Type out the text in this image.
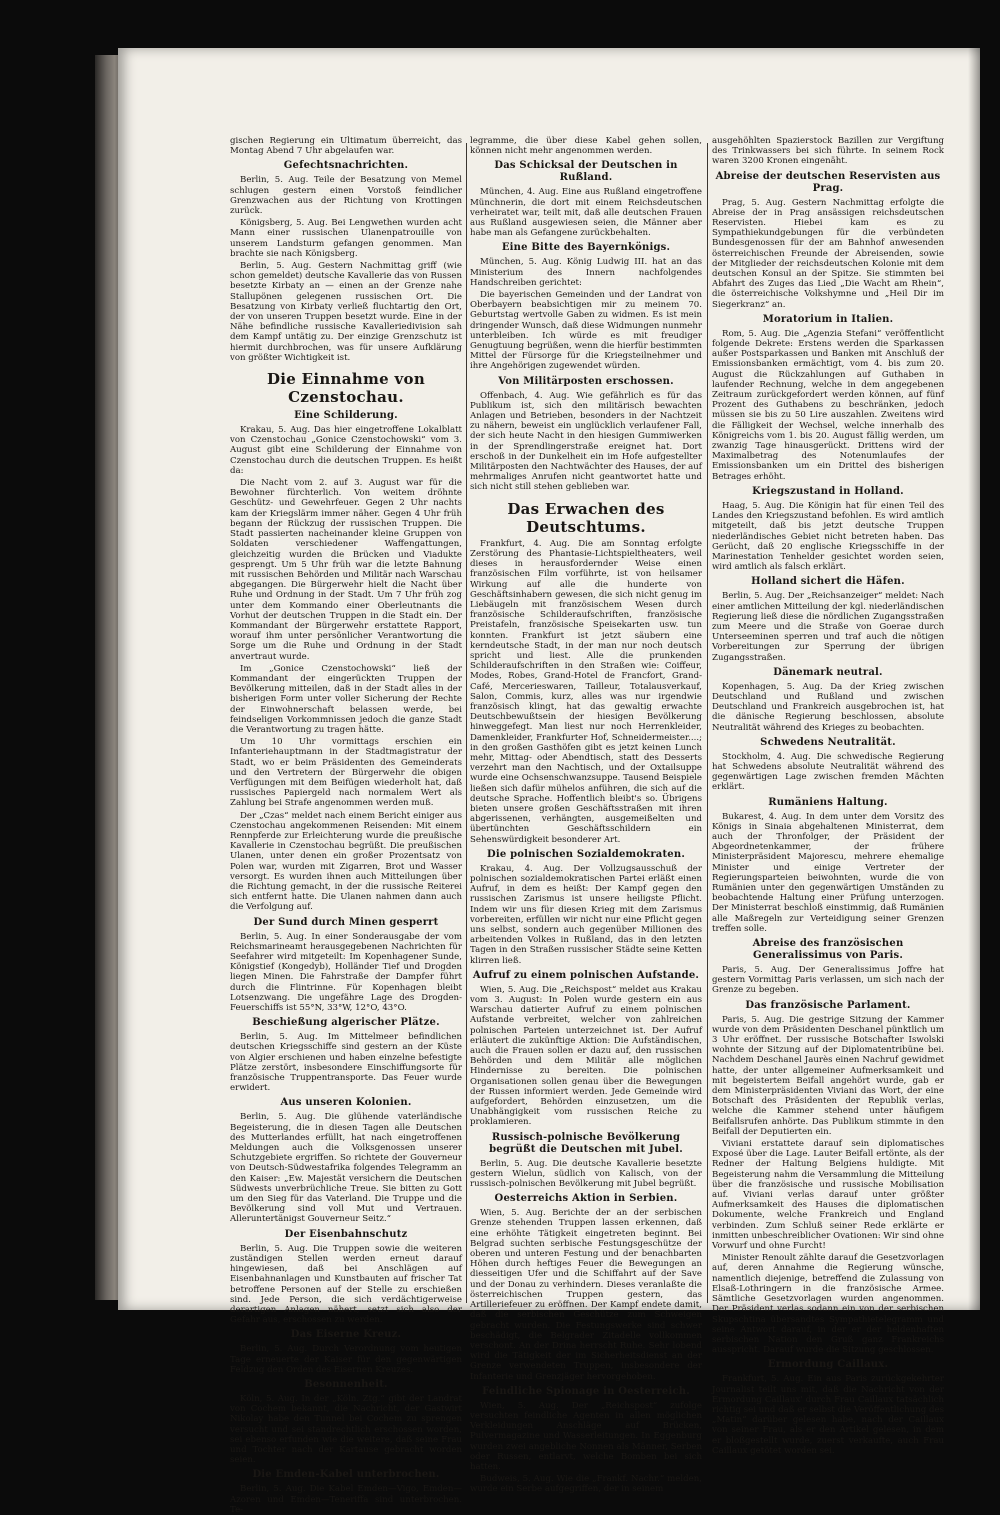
gischen Regierung ein Ultimatum überreicht, das Montag Abend 7 Uhr abgelaufen war.

Gefechtsnachrichten.

Berlin, 5. Aug. Teile der Besatzung von Memel schlugen gestern einen Vorstoß feindlicher Grenzwachen aus der Richtung von Krottingen zurück.

Königsberg, 5. Aug. Bei Lengwethen wurden acht Mann einer russischen Ulanenpatrouille von unserem Landsturm gefangen genommen. Man brachte sie nach Königsberg.

Berlin, 5. Aug. Gestern Nachmittag griff (wie schon gemeldet) deutsche Kavallerie das von Russen besetzte Kirbaty an — einen an der Grenze nahe Stallupönen gelegenen russischen Ort. Die Besatzung von Kirbaty verließ fluchtartig den Ort, der von unseren Truppen besetzt wurde. Eine in der Nähe befindliche russische Kavalleriedivision sah dem Kampf untätig zu. Der einzige Grenzschutz ist hiermit durchbrochen, was für unsere Aufklärung von größter Wichtigkeit ist.

Die Einnahme von Czenstochau.
Eine Schilderung.

Krakau, 5. Aug. Das hier eingetroffene Lokalblatt von Czenstochau „Gonice Czenstochowski“ vom 3. August gibt eine Schilderung der Einnahme von Czenstochau durch die deutschen Truppen. Es heißt da:

Die Nacht vom 2. auf 3. August war für die Bewohner fürchterlich. Von weitem dröhnte Geschütz- und Gewehrfeuer. Gegen 2 Uhr nachts kam der Kriegslärm immer näher. Gegen 4 Uhr früh begann der Rückzug der russischen Truppen. Die Stadt passierten nacheinander kleine Gruppen von Soldaten verschiedener Waffengattungen, gleichzeitig wurden die Brücken und Viadukte gesprengt. Um 5 Uhr früh war die letzte Bahnung mit russischen Behörden und Militär nach Warschau abgegangen. Die Bürgerwehr hielt die Nacht über Ruhe und Ordnung in der Stadt. Um 7 Uhr früh zog unter dem Kommando einer Oberleutnants die Vorhut der deutschen Truppen in die Stadt ein. Der Kommandant der Bürgerwehr erstattete Rapport, worauf ihm unter persönlicher Verantwortung die Sorge um die Ruhe und Ordnung in der Stadt anvertraut wurde.

Im „Gonice Czenstochowski“ ließ der Kommandant der eingerückten Truppen der Bevölkerung mitteilen, daß in der Stadt alles in der bisherigen Form unter voller Sicherung der Rechte der Einwohnerschaft belassen werde, bei feindseligen Vorkommnissen jedoch die ganze Stadt die Verantwortung zu tragen hätte.

Um 10 Uhr vormittags erschien ein Infanteriehauptmann in der Stadtmagistratur der Stadt, wo er beim Präsidenten des Gemeinderats und den Vertretern der Bürgerwehr die obigen Verfügungen mit dem Beifügen wiederholt hat, daß russisches Papiergeld nach normalem Wert als Zahlung bei Strafe angenommen werden muß.

Der „Czas“ meldet nach einem Bericht einiger aus Czenstochau angekommenen Reisenden: Mit einem Rennpferde zur Erleichterung wurde die preußische Kavallerie in Czenstochau begrüßt. Die preußischen Ulanen, unter denen ein großer Prozentsatz von Polen war, wurden mit Zigarren, Brot und Wasser versorgt. Es wurden ihnen auch Mitteilungen über die Richtung gemacht, in der die russische Reiterei sich entfernt hatte. Die Ulanen nahmen dann auch die Verfolgung auf.

Der Sund durch Minen gesperrt

Berlin, 5. Aug. In einer Sonderausgabe der vom Reichsmarineamt herausgegebenen Nachrichten für Seefahrer wird mitgeteilt: Im Kopenhagener Sunde, Königstief (Kongedyb), Holländer Tief und Drogden liegen Minen. Die Fahrstraße der Dampfer führt durch die Flintrinne. Für Kopenhagen bleibt Lotsenzwang. Die ungefähre Lage des Drogden-Feuerschiffs ist 55°N, 33°W, 12°O, 43°O.

Beschießung algerischer Plätze.

Berlin, 5. Aug. Im Mittelmeer befindlichen deutschen Kriegsschiffe sind gestern an der Küste von Algier erschienen und haben einzelne befestigte Plätze zerstört, insbesondere Einschiffungsorte für französische Truppentransporte. Das Feuer wurde erwidert.

Aus unseren Kolonien.

Berlin, 5. Aug. Die glühende vaterländische Begeisterung, die in diesen Tagen alle Deutschen des Mutterlandes erfüllt, hat nach eingetroffenen Meldungen auch die Volksgenossen unserer Schutzgebiete ergriffen. So richtete der Gouverneur von Deutsch-Südwestafrika folgendes Telegramm an den Kaiser: „Ew. Majestät versichern die Deutschen Südwests unverbrüchliche Treue. Sie bitten zu Gott um den Sieg für das Vaterland. Die Truppe und die Bevölkerung sind voll Mut und Vertrauen. Alleruntertänigst Gouverneur Seitz.“

Der Eisenbahnschutz

Berlin, 5. Aug. Die Truppen sowie die weiteren zuständigen Stellen werden erneut darauf hingewiesen, daß bei Anschlägen auf Eisenbahnanlagen und Kunstbauten auf frischer Tat betroffene Personen auf der Stelle zu erschießen sind. Jede Person, die sich verdächtigerweise derartigen Anlagen nähert, setzt sich also der Gefahr aus, erschossen zu werden.

Das Eiserne Kreuz.

Berlin, 5. Aug. Durch Verordnung vom heutigen Tage erneuerte der Kaiser für den gegenwärtigen Feldzug den Orden des Eisernen Kreuzes.

Besonnenheit.

Köln, 5. Aug. In der „Köln. Ztg.“ gibt der Landrat von Cochem bekannt, die Nachricht, der Gastwirt Nikolay habe den Tunnel bei Cochem zu sprengen versucht und sei standrechtlich erschossen worden, sei ebenso erfunden wie die weitere, daß seine Frau und Tochter nach der Kartause gebracht worden seien.

Die Emden-Kabel unterbrochen.

Berlin, 5. Aug. Die Kabel Emden—Vigo, Emden—Azoren und Emden—Teneriffa sind unterbrochen. Te-

legramme, die über diese Kabel gehen sollen, können nicht mehr angenommen werden.

Das Schicksal der Deutschen in Rußland.

München, 4. Aug. Eine aus Rußland eingetroffene Münchnerin, die dort mit einem Reichsdeutschen verheiratet war, teilt mit, daß alle deutschen Frauen aus Rußland ausgewiesen seien, die Männer aber habe man als Gefangene zurückbehalten.

Eine Bitte des Bayernkönigs.

München, 5. Aug. König Ludwig III. hat an das Ministerium des Innern nachfolgendes Handschreiben gerichtet:

Die bayerischen Gemeinden und der Landrat von Oberbayern beabsichtigen mir zu meinem 70. Geburtstag wertvolle Gaben zu widmen. Es ist mein dringender Wunsch, daß diese Widmungen nunmehr unterbleiben. Ich würde es mit freudiger Genugtuung begrüßen, wenn die hierfür bestimmten Mittel der Fürsorge für die Kriegsteilnehmer und ihre Angehörigen zugewendet würden.

Von Militärposten erschossen.

Offenbach, 4. Aug. Wie gefährlich es für das Publikum ist, sich den militärisch bewachten Anlagen und Betrieben, besonders in der Nachtzeit zu nähern, beweist ein unglücklich verlaufener Fall, der sich heute Nacht in den hiesigen Gummiwerken in der Sprendlingerstraße ereignet hat. Dort erschoß in der Dunkelheit ein im Hofe aufgestellter Militärposten den Nachtwächter des Hauses, der auf mehrmaliges Anrufen nicht geantwortet hatte und sich nicht still stehen geblieben war.

Das Erwachen des Deutschtums.

Frankfurt, 4. Aug. Die am Sonntag erfolgte Zerstörung des Phantasie-Lichtspieltheaters, weil dieses in herausfordernder Weise einen französischen Film vorführte, ist von heilsamer Wirkung auf alle die hunderte von Geschäftsinhabern gewesen, die sich nicht genug im Liebäugeln mit französischem Wesen durch französische Schilderaufschriften, französische Preistafeln, französische Speisekarten usw. tun konnten. Frankfurt ist jetzt säubern eine kerndeutsche Stadt, in der man nur noch deutsch spricht und liest. Alle die prunkenden Schilderaufschriften in den Straßen wie: Coiffeur, Modes, Robes, Grand-Hotel de Francfort, Grand-Café, Mercerieswaren, Tailleur, Totalausverkauf, Salon, Commis, kurz, alles was nur irgendwie französisch klingt, hat das gewaltig erwachte Deutschbewußtsein der hiesigen Bevölkerung hinweggefegt. Man liest nur noch Herrenkleider, Damenkleider, Frankfurter Hof, Schneidermeister....; in den großen Gasthöfen gibt es jetzt keinen Lunch mehr, Mittag- oder Abendtisch, statt des Desserts verzehrt man den Nachtisch, und der Oxtailsuppe wurde eine Ochsenschwanzsuppe. Tausend Beispiele ließen sich dafür mühelos anführen, die sich auf die deutsche Sprache. Hoffentlich bleibt's so. Übrigens bieten unsere großen Geschäftsstraßen mit ihren abgerissenen, verhängten, ausgemeißelten und übertünchten Geschäftsschildern ein Sehenswürdigkeit besonderer Art.

Die polnischen Sozialdemokraten.

Krakau, 4. Aug. Der Vollzugsausschuß der polnischen sozialdemokratischen Partei erläßt einen Aufruf, in dem es heißt: Der Kampf gegen den russischen Zarismus ist unsere heiligste Pflicht. Indem wir uns für diesen Krieg mit dem Zarismus vorbereiten, erfüllen wir nicht nur eine Pflicht gegen uns selbst, sondern auch gegenüber Millionen des arbeitenden Volkes in Rußland, das in den letzten Tagen in den Straßen russischer Städte seine Ketten klirren ließ.

Aufruf zu einem polnischen Aufstande.

Wien, 5. Aug. Die „Reichspost“ meldet aus Krakau vom 3. August: In Polen wurde gestern ein aus Warschau datierter Aufruf zu einem polnischen Aufstande verbreitet, welcher von zahlreichen polnischen Parteien unterzeichnet ist. Der Aufruf erläutert die zukünftige Aktion: Die Aufständischen, auch die Frauen sollen er dazu auf, den russischen Behörden und dem Militär alle möglichen Hindernisse zu bereiten. Die polnischen Organisationen sollen genau über die Bewegungen der Russen informiert werden. Jede Gemeinde wird aufgefordert, Behörden einzusetzen, um die Unabhängigkeit vom russischen Reiche zu proklamieren.

Russisch-polnische Bevölkerung begrüßt die Deutschen mit Jubel.

Berlin, 5. Aug. Die deutsche Kavallerie besetzte gestern Wielun, südlich von Kalisch, von der russisch-polnischen Bevölkerung mit Jubel begrüßt.

Oesterreichs Aktion in Serbien.

Wien, 5. Aug. Berichte der an der serbischen Grenze stehenden Truppen lassen erkennen, daß eine erhöhte Tätigkeit eingetreten beginnt. Bei Belgrad suchten serbische Festungsgeschütze der oberen und unteren Festung und der benachbarten Höhen durch heftiges Feuer die Bewegungen an diesseitigen Ufer und die Schiffahrt auf der Save und der Donau zu verhindern. Dieses veranlaßte die österreichischen Truppen gestern, das Artilleriefeuer zu eröffnen. Der Kampf endete damit, daß die serbischen Geschütze zum Schweigen gebracht wurden. Die Festungswerke sind schwer beschädigt, die Belgrader Zitadelle vollkommen verschont. An der Drina herrscht Ruhe. Sehr lobend wird die Tätigkeit der im Sicherheitsdienst an der Grenze verwendeten Truppen, insbesondere der Infanterie und Grenzjäger hervorgehoben.

Feindliche Spionage in Oesterreich.

Wien, 5. Aug. Der „Reichspost“ zufolge versuchten feindliche Agenten in allen möglichen Verkleidungen Anschläge auf Brücken, Pulvermagazine und Wasserleitungen. In Eggenburg wurden zwei angebliche Nonnen als Männer, Serben oder Russen, entlarvt, welche Bomben bei sich hatten.

Budweis, 5. Aug. Wie die „Frankf. Nachr.“ melden, wurde ein Serbe aufgegriffen, der in seinem

ausgehöhlten Spazierstock Bazillen zur Vergiftung des Trinkwassers bei sich führte. In seinem Rock waren 3200 Kronen eingenäht.

Abreise der deutschen Reservisten aus Prag.

Prag, 5. Aug. Gestern Nachmittag erfolgte die Abreise der in Prag ansässigen reichsdeutschen Reservisten. Hiebei kam es zu Sympathiekundgebungen für die verbündeten Bundesgenossen für der am Bahnhof anwesenden österreichischen Freunde der Abreisenden, sowie der Mitglieder der reichsdeutschen Kolonie mit dem deutschen Konsul an der Spitze. Sie stimmten bei Abfahrt des Zuges das Lied „Die Wacht am Rhein“, die österreichische Volkshymne und „Heil Dir im Siegerkranz“ an.

Moratorium in Italien.

Rom, 5. Aug. Die „Agenzia Stefani“ veröffentlicht folgende Dekrete: Erstens werden die Sparkassen außer Postsparkassen und Banken mit Anschluß der Emissionsbanken ermächtigt, vom 4. bis zum 20. August die Rückzahlungen auf Guthaben in laufender Rechnung, welche in dem angegebenen Zeitraum zurückgefordert werden können, auf fünf Prozent des Guthabens zu beschränken, jedoch müssen sie bis zu 50 Lire auszahlen. Zweitens wird die Fälligkeit der Wechsel, welche innerhalb des Königreichs vom 1. bis 20. August fällig werden, um zwanzig Tage hinausgerückt. Drittens wird der Maximalbetrag des Notenumlaufes der Emissionsbanken um ein Drittel des bisherigen Betrages erhöht.

Kriegszustand in Holland.

Haag, 5. Aug. Die Königin hat für einen Teil des Landes den Kriegszustand befohlen. Es wird amtlich mitgeteilt, daß bis jetzt deutsche Truppen niederländisches Gebiet nicht betreten haben. Das Gerücht, daß 20 englische Kriegsschiffe in der Marinestation Tenhelder gesichtet worden seien, wird amtlich als falsch erklärt.

Holland sichert die Häfen.

Berlin, 5. Aug. Der „Reichsanzeiger“ meldet: Nach einer amtlichen Mitteilung der kgl. niederländischen Regierung ließ diese die nördlichen Zugangsstraßen zum Meere und die Straße von Goerae durch Unterseeminen sperren und traf auch die nötigen Vorbereitungen zur Sperrung der übrigen Zugangsstraßen.

Dänemark neutral.

Kopenhagen, 5. Aug. Da der Krieg zwischen Deutschland und Rußland und zwischen Deutschland und Frankreich ausgebrochen ist, hat die dänische Regierung beschlossen, absolute Neutralität während des Krieges zu beobachten.

Schwedens Neutralität.

Stockholm, 4. Aug. Die schwedische Regierung hat Schwedens absolute Neutralität während des gegenwärtigen Lage zwischen fremden Mächten erklärt.

Rumäniens Haltung.

Bukarest, 4. Aug. In dem unter dem Vorsitz des Königs in Sinaia abgehaltenen Ministerrat, dem auch der Thronfolger, der Präsident der Abgeordnetenkammer, der frühere Ministerpräsident Majorescu, mehrere ehemalige Minister und einige Vertreter der Regierungsparteien beiwohnten, wurde die von Rumänien unter den gegenwärtigen Umständen zu beobachtende Haltung einer Prüfung unterzogen. Der Ministerrat beschloß einstimmig, daß Rumänien alle Maßregeln zur Verteidigung seiner Grenzen treffen solle.

Abreise des französischen Generalissimus von Paris.

Paris, 5. Aug. Der Generalissimus Joffre hat gestern Vormittag Paris verlassen, um sich nach der Grenze zu begeben.

Das französische Parlament.

Paris, 5. Aug. Die gestrige Sitzung der Kammer wurde von dem Präsidenten Deschanel pünktlich um 3 Uhr eröffnet. Der russische Botschafter Iswolski wohnte der Sitzung auf der Diplomatentribüne bei. Nachdem Deschanel Jaurès einen Nachruf gewidmet hatte, der unter allgemeiner Aufmerksamkeit und mit begeistertem Beifall angehört wurde, gab er dem Ministerpräsidenten Viviani das Wort, der eine Botschaft des Präsidenten der Republik verlas, welche die Kammer stehend unter häufigem Beifallsrufen anhörte. Das Publikum stimmte in den Beifall der Deputierten ein.

Viviani erstattete darauf sein diplomatisches Exposé über die Lage. Lauter Beifall ertönte, als der Redner der Haltung Belgiens huldigte. Mit Begeisterung nahm die Versammlung die Mitteilung über die französische und russische Mobilisation auf. Viviani verlas darauf unter größter Aufmerksamkeit des Hauses die diplomatischen Dokumente, welche Frankreich und England verbinden. Zum Schluß seiner Rede erklärte er inmitten unbeschreiblicher Ovationen: Wir sind ohne Vorwurf und ohne Furcht!

Minister Renoult zählte darauf die Gesetzvorlagen auf, deren Annahme die Regierung wünsche, namentlich diejenige, betreffend die Zulassung von Elsaß-Lothringern in die französische Armee. Sämtliche Gesetzvorlagen wurden angenommen. Der Präsident verlas sodann ein von der serbischen Skupschtina übersandtes Sympathietelegramm und seine Antwort darauf, in der er der heldenhaften serbischen Nation den Gruß ganz Frankreichs ausspricht. Darauf wurde die Sitzung geschlossen.

Ermordung Caillaux.

Frankfurt, 5. Aug. Ein aus Paris zurückgekehrter Journalist teilt uns mit, daß die Nachricht von der Ermordung Caillaux' durch Frau Caillaux tatsächlich richtig sei und daß er selbst die Veröffentlichung des „Matin“ darüber gelesen habe, nach der Caillaux von seiner Frau, als er den Artikel gelesen, in dem er bloßgestellt wurde, zuerst verkaufte, auch Frau Caillaux getötet worden sei.
